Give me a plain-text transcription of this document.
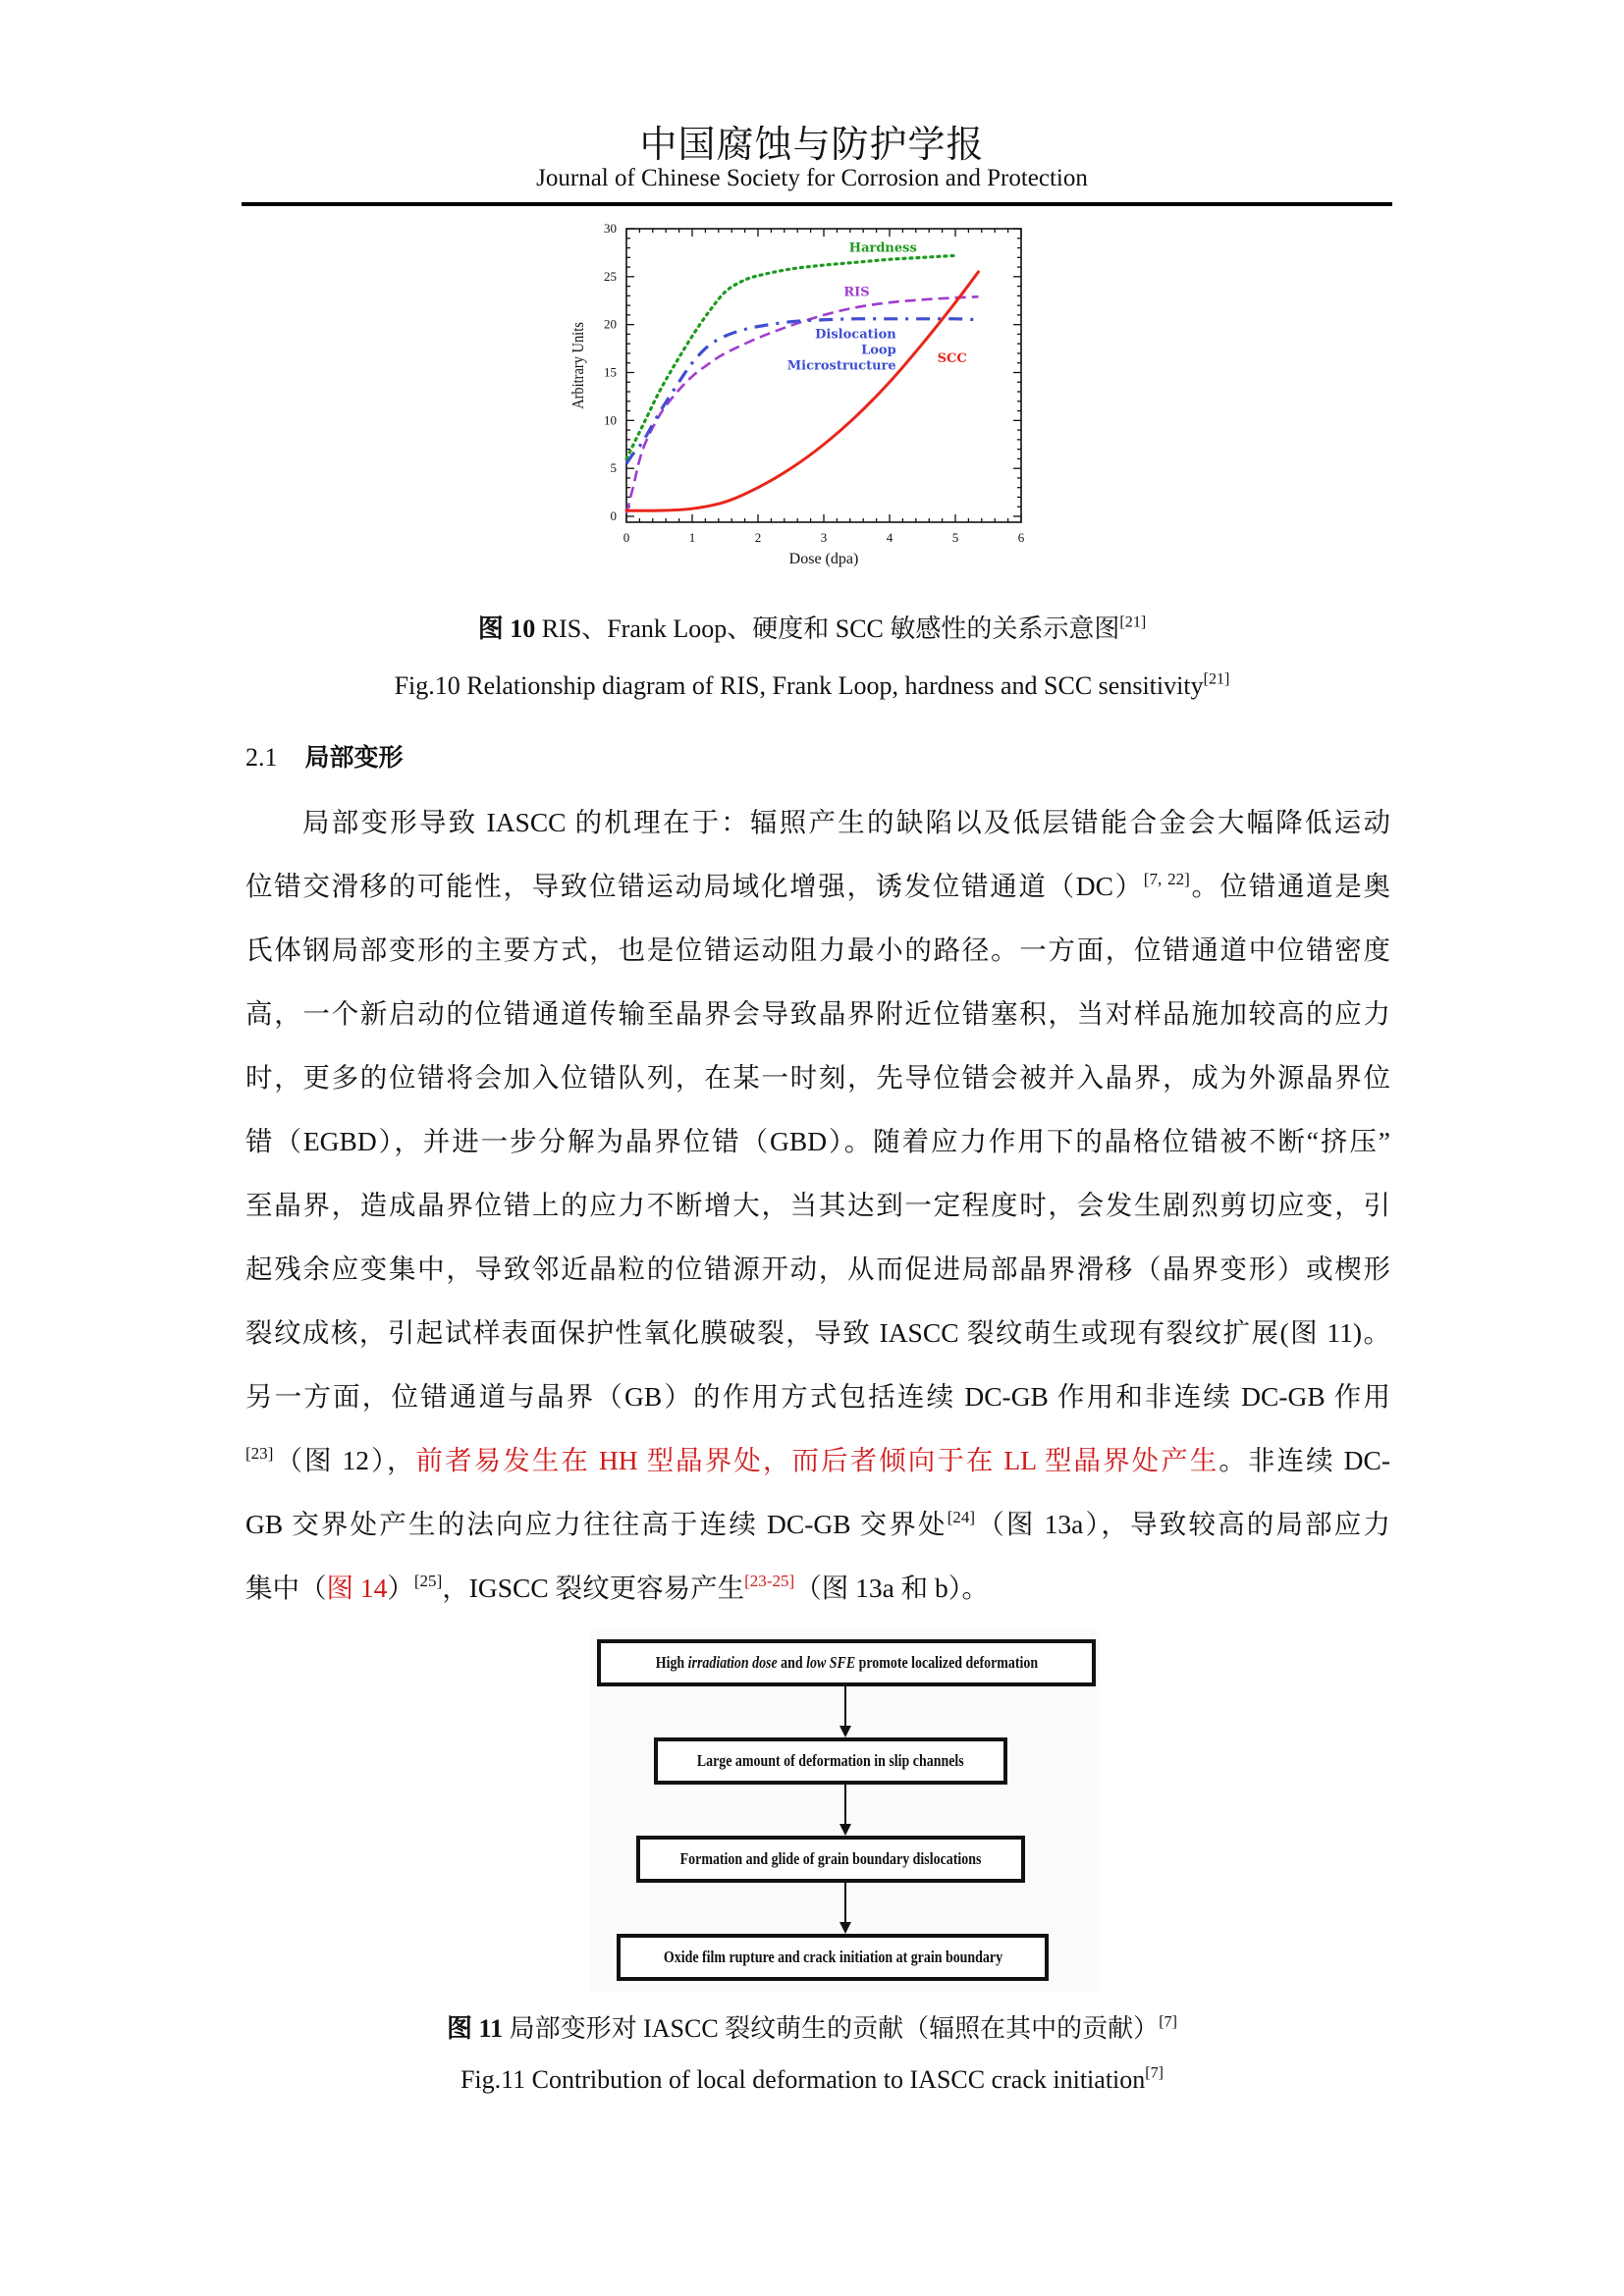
中国腐蚀与防护学报
Journal of Chinese Society for Corrosion and Protection
0	1	2	3	4	5	6
0
5
10
15
20
25
30
Dose (dpa)
Arbitrary Units
Hardness
RIS
Dislocation Loop Microstructure
SCC
图 10 RIS、Frank Loop、硬度和 SCC 敏感性的关系示意图[21]
Fig.10 Relationship diagram of RIS, Frank Loop, hardness and SCC sensitivity[21]
2.1 局部变形
局部变形导致 IASCC 的机理在于：辐照产生的缺陷以及低层错能合金会大幅降低运动
位错交滑移的可能性，导致位错运动局域化增强，诱发位错通道（DC）[7, 22]。位错通道是奥
氏体钢局部变形的主要方式，也是位错运动阻力最小的路径。一方面，位错通道中位错密度
高，一个新启动的位错通道传输至晶界会导致晶界附近位错塞积，当对样品施加较高的应力
时，更多的位错将会加入位错队列，在某一时刻，先导位错会被并入晶界，成为外源晶界位
错（EGBD），并进一步分解为晶界位错（GBD）。随着应力作用下的晶格位错被不断“挤压”
至晶界，造成晶界位错上的应力不断增大，当其达到一定程度时，会发生剧烈剪切应变，引
起残余应变集中，导致邻近晶粒的位错源开动，从而促进局部晶界滑移（晶界变形）或楔形
裂纹成核，引起试样表面保护性氧化膜破裂，导致 IASCC 裂纹萌生或现有裂纹扩展(图 11)。
另一方面，位错通道与晶界（GB）的作用方式包括连续 DC-GB 作用和非连续 DC-GB 作用
[23]（图 12），前者易发生在 HH 型晶界处，而后者倾向于在 LL 型晶界处产生。非连续 DC-
GB 交界处产生的法向应力往往高于连续 DC-GB 交界处[24]（图 13a），导致较高的局部应力
集中（图 14）[25]，IGSCC 裂纹更容易产生[23-25]（图 13a 和 b）。
High irradiation dose and low SFE promote localized deformation
Large amount of deformation in slip channels
Formation and glide of grain boundary dislocations
Oxide film rupture and crack initiation at grain boundary
图 11 局部变形对 IASCC 裂纹萌生的贡献（辐照在其中的贡献）[7]
Fig.11 Contribution of local deformation to IASCC crack initiation[7]
